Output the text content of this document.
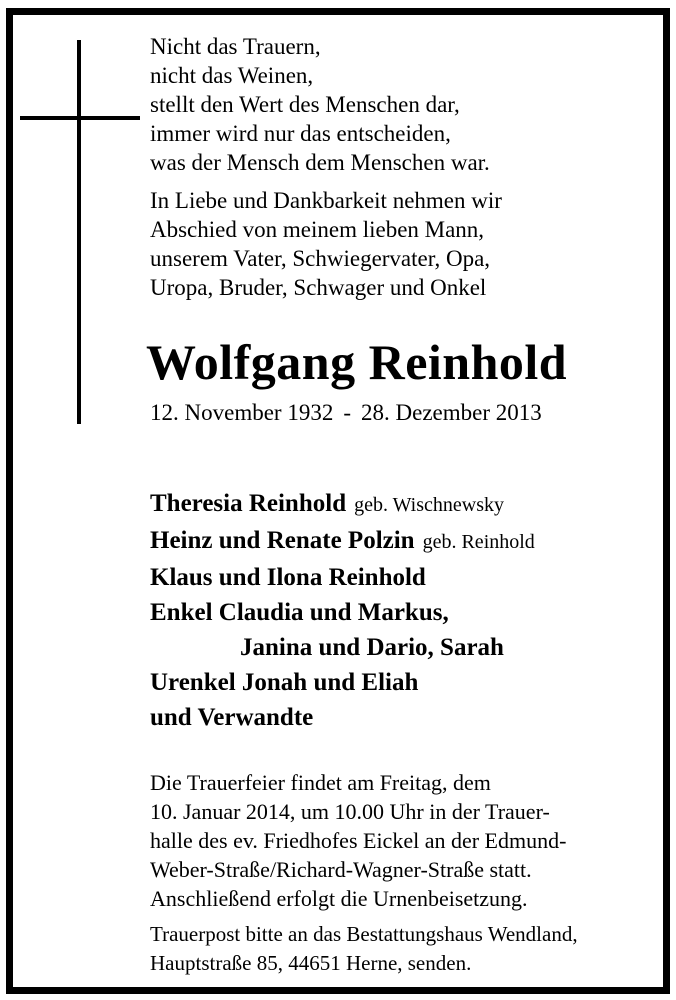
Nicht das Trauern,
nicht das Weinen,
stellt den Wert des Menschen dar,
immer wird nur das entscheiden,
was der Mensch dem Menschen war.
In Liebe und Dankbarkeit nehmen wir
Abschied von meinem lieben Mann,
unserem Vater, Schwiegervater, Opa,
Uropa, Bruder, Schwager und Onkel
Wolfgang Reinhold
12. November 1932 - 28. Dezember 2013
Theresia Reinhold geb. Wischnewsky
Heinz und Renate Polzin geb. Reinhold
Klaus und Ilona Reinhold
Enkel Claudia und Markus,
Janina und Dario, Sarah
Urenkel Jonah und Eliah
und Verwandte
Die Trauerfeier findet am Freitag, dem
10. Januar 2014, um 10.00 Uhr in der Trauer-
halle des ev. Friedhofes Eickel an der Edmund-
Weber-Straße/Richard-Wagner-Straße statt.
Anschließend erfolgt die Urnenbeisetzung.
Trauerpost bitte an das Bestattungshaus Wendland,
Hauptstraße 85, 44651 Herne, senden.
